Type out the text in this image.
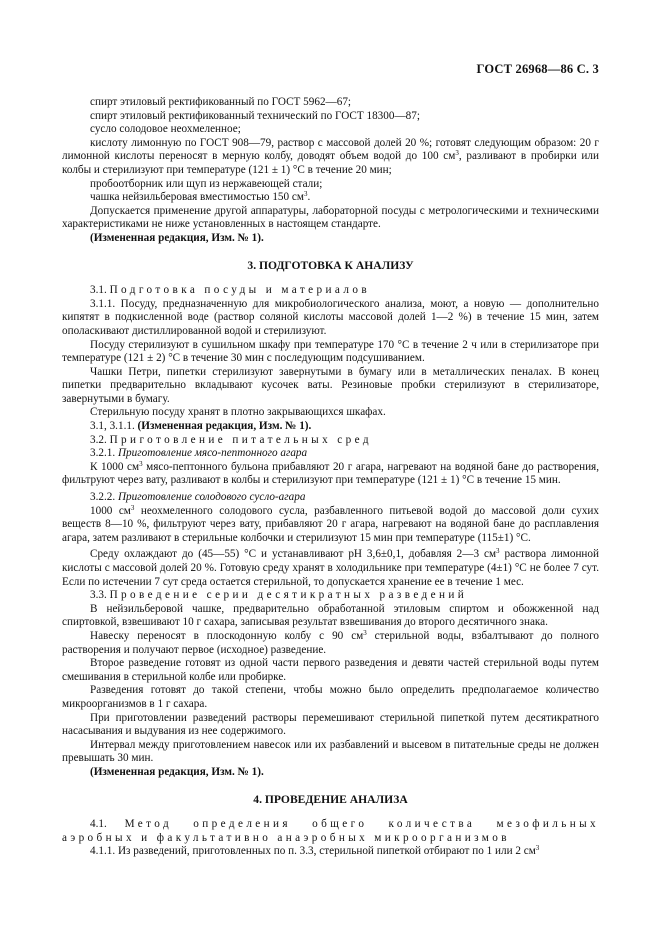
ГОСТ 26968—86 С. 3

спирт этиловый ректификованный по ГОСТ 5962—67;

спирт этиловый ректификованный технический по ГОСТ 18300—87;

сусло солодовое неохмеленное;

кислоту лимонную по ГОСТ 908—79, раствор с массовой долей 20 %; готовят следующим образом: 20 г лимонной кислоты переносят в мерную колбу, доводят объем водой до 100 $см^3$, разливают в пробирки или колбы и стерилизуют при температуре (121 ± 1) °С в течение 20 мин;

пробоотборник или щуп из нержавеющей стали;

чашка нейзильберовая вместимостью 150 $см^3$.

Допускается применение другой аппаратуры, лабораторной посуды с метрологическими и техническими характеристиками не ниже установленных в настоящем стандарте.

(Измененная редакция, Изм. № 1).

3. ПОДГОТОВКА К АНАЛИЗУ

3.1. Подготовка посуды и материалов

3.1.1. Посуду, предназначенную для микробиологического анализа, моют, а новую — дополнительно кипятят в подкисленной воде (раствор соляной кислоты массовой долей 1—2 %) в течение 15 мин, затем ополаскивают дистиллированной водой и стерилизуют.

Посуду стерилизуют в сушильном шкафу при температуре 170 °С в течение 2 ч или в стерилизаторе при температуре (121 ± 2) °С в течение 30 мин с последующим подсушиванием.

Чашки Петри, пипетки стерилизуют завернутыми в бумагу или в металлических пеналах. В конец пипетки предварительно вкладывают кусочек ваты. Резиновые пробки стерилизуют в стерилизаторе, завернутыми в бумагу.

Стерильную посуду хранят в плотно закрывающихся шкафах.

3.1, 3.1.1. (Измененная редакция, Изм. № 1).

3.2. Приготовление питательных сред

3.2.1. Приготовление мясо-пептонного агара

К 1000 $см^3$ мясо-пептонного бульона прибавляют 20 г агара, нагревают на водяной бане до растворения, фильтруют через вату, разливают в колбы и стерилизуют при температуре (121 ± 1) °С в течение 15 мин.

3.2.2. Приготовление солодового сусло-агара

1000 $см^3$ неохмеленного солодового сусла, разбавленного питьевой водой до массовой доли сухих веществ 8—10 %, фильтруют через вату, прибавляют 20 г агара, нагревают на водяной бане до расплавления агара, затем разливают в стерильные колбочки и стерилизуют 15 мин при температуре (115±1) °С.

Среду охлаждают до (45—55) °С и устанавливают рН 3,6±0,1, добавляя 2—3 $см^3$ раствора лимонной кислоты с массовой долей 20 %. Готовую среду хранят в холодильнике при температуре (4±1) °С не более 7 сут. Если по истечении 7 сут среда остается стерильной, то допускается хранение ее в течение 1 мес.

3.3. Проведение серии десятикратных разведений

В нейзильберовой чашке, предварительно обработанной этиловым спиртом и обожженной над спиртовкой, взвешивают 10 г сахара, записывая результат взвешивания до второго десятичного знака.

Навеску переносят в плоскодонную колбу с 90 $см^3$ стерильной воды, взбалтывают до полного растворения и получают первое (исходное) разведение.

Второе разведение готовят из одной части первого разведения и девяти частей стерильной воды путем смешивания в стерильной колбе или пробирке.

Разведения готовят до такой степени, чтобы можно было определить предполагаемое количество микроорганизмов в 1 г сахара.

При приготовлении разведений растворы перемешивают стерильной пипеткой путем десятикратного насасывания и выдувания из нее содержимого.

Интервал между приготовлением навесок или их разбавлений и высевом в питательные среды не должен превышать 30 мин.

(Измененная редакция, Изм. № 1).

4. ПРОВЕДЕНИЕ АНАЛИЗА

4.1. Метод определения общего количества мезофильных аэробных и факультативно анаэробных микроорганизмов

4.1.1. Из разведений, приготовленных по п. 3.3, стерильной пипеткой отбирают по 1 или 2 $см^3$
